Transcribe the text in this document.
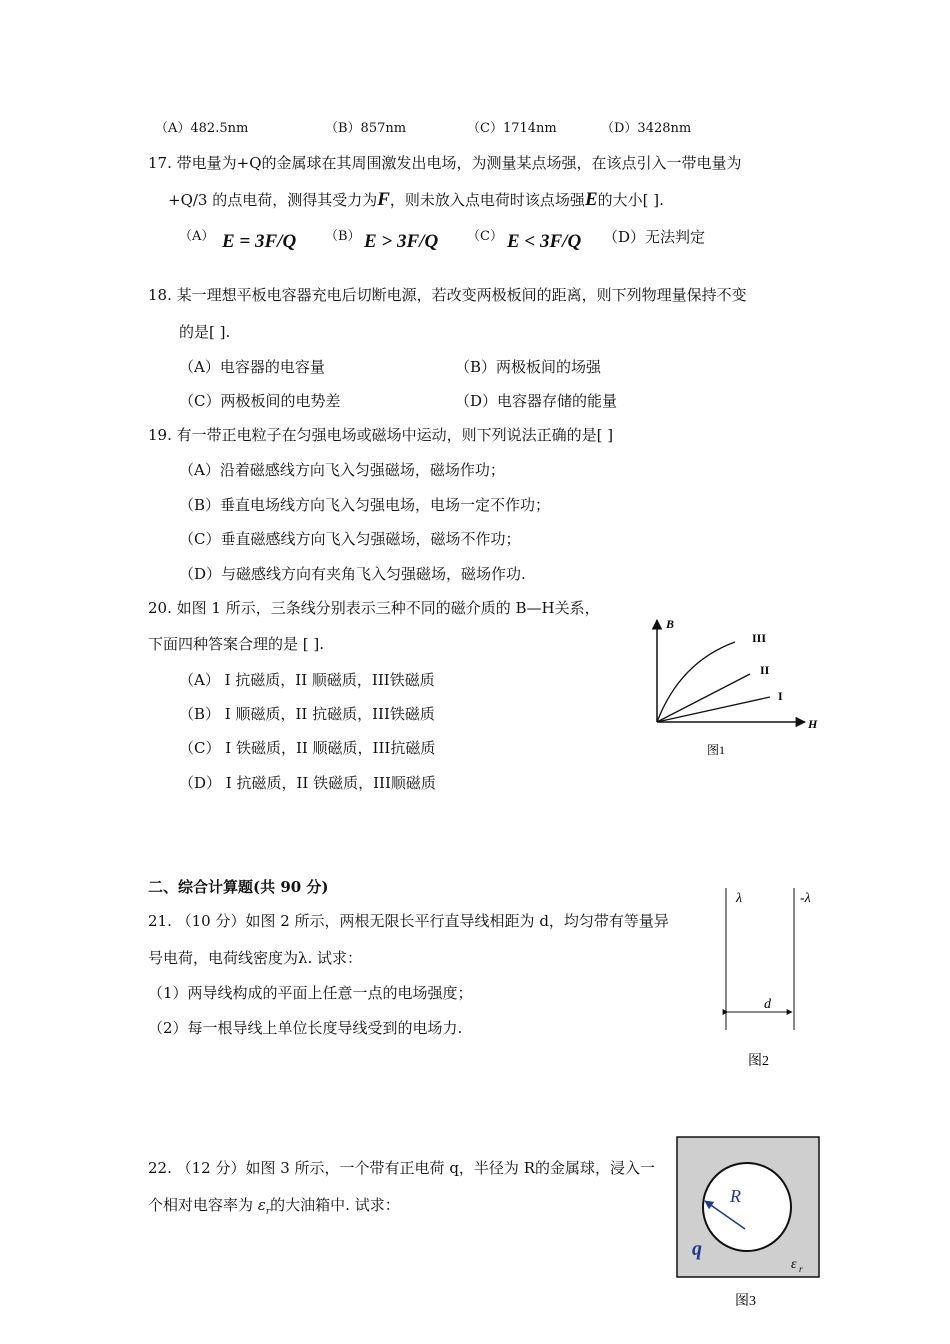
（A）482.5nm	（B）857nm	（C）1714nm	（D）3428nm
17. 带电量为+Q的金属球在其周围激发出电场，为测量某点场强，在该点引入一带电量为
+Q/3 的点电荷，测得其受力为F，则未放入点电荷时该点场强E的大小[ ].
（A） E = 3F/Q （B） E > 3F/Q （C） E < 3F/Q （D）无法判定
18. 某一理想平板电容器充电后切断电源，若改变两极板间的距离，则下列物理量保持不变
的是[ ].
（A）电容器的电容量	（B）两极板间的场强
（C）两极板间的电势差	（D）电容器存储的能量
19. 有一带正电粒子在匀强电场或磁场中运动，则下列说法正确的是[ ]
（A）沿着磁感线方向飞入匀强磁场，磁场作功；
（B）垂直电场线方向飞入匀强电场，电场一定不作功；
（C）垂直磁感线方向飞入匀强磁场，磁场不作功；
（D）与磁感线方向有夹角飞入匀强磁场，磁场作功.
20. 如图 1 所示，三条线分别表示三种不同的磁介质的 B—H关系，
下面四种答案合理的是 [ ].
（A） I 抗磁质，II 顺磁质，III铁磁质
（B） I 顺磁质，II 抗磁质，III铁磁质
（C） I 铁磁质，II 顺磁质，III抗磁质
（D） I 抗磁质，II 铁磁质，III顺磁质
B
H
III
II
I
图1
二、综合计算题(共 90 分)
21. （10 分）如图 2 所示，两根无限长平行直导线相距为 d，均匀带有等量异
号电荷，电荷线密度为λ. 试求：
（1）两导线构成的平面上任意一点的电场强度；
（2）每一根导线上单位长度导线受到的电场力.
λ	-λ
d
图2
22. （12 分）如图 3 所示，一个带有正电荷 q，半径为 R的金属球，浸入一
个相对电容率为 $\varepsilon_r$的大油箱中. 试求：	R
q
ε r
图3
